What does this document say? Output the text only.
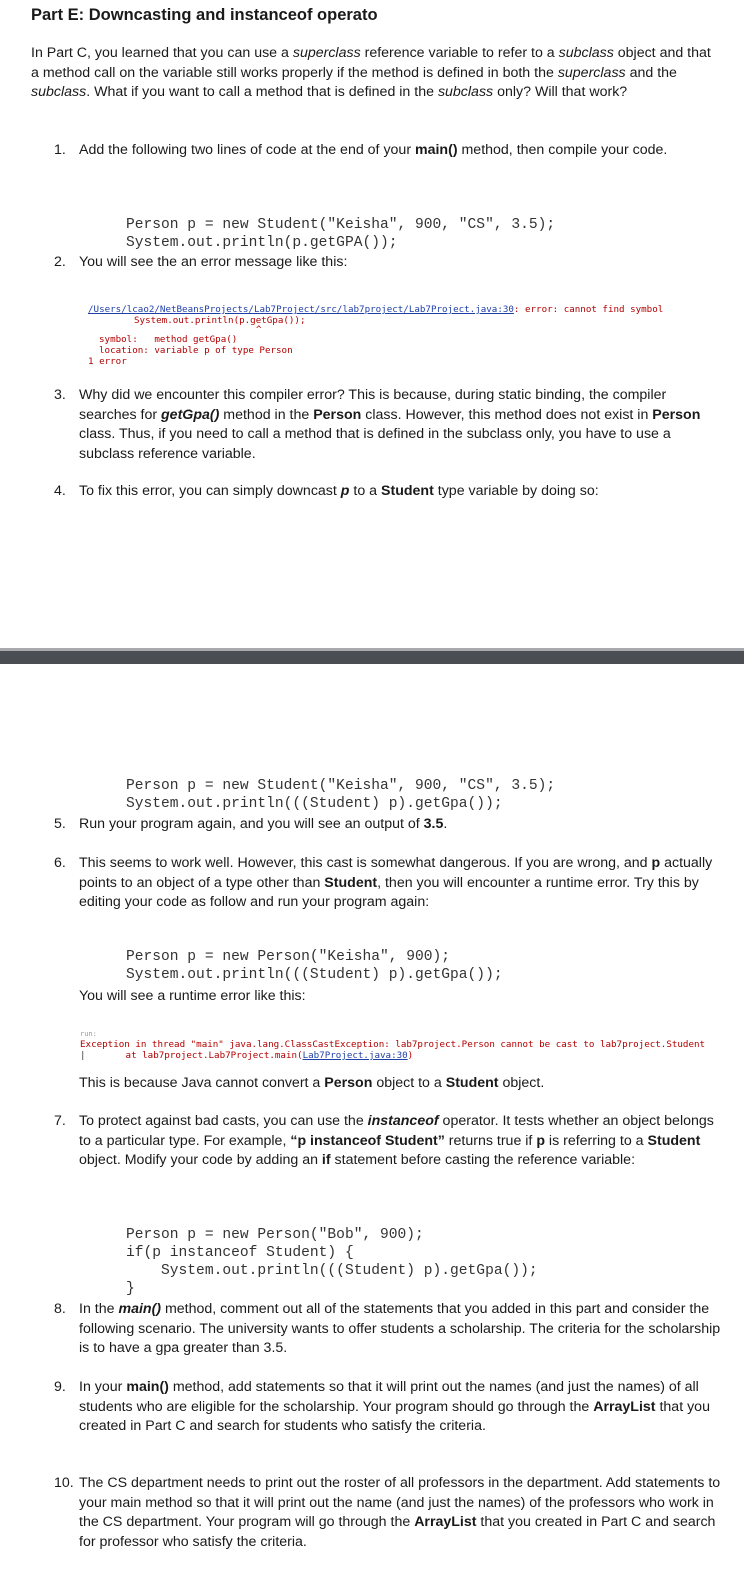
Part E: Downcasting and instanceof operato
In Part C, you learned that you can use a superclass reference variable to refer to a subclass object and that a method call on the variable still works properly if the method is defined in both the superclass and the subclass. What if you want to call a method that is defined in the subclass only? Will that work?
1. Add the following two lines of code at the end of your main() method, then compile your code.

Person p = new Student("Keisha", 900, "CS", 3.5);
System.out.println(p.getGPA());
2. You will see the an error message like this:

/Users/lcao2/NetBeansProjects/Lab7Project/src/lab7project/Lab7Project.java:30: error: cannot find symbol
System.out.println(p.getGpa());
^
symbol:   method getGpa()
location: variable p of type Person
1 error
3. Why did we encounter this compiler error? This is because, during static binding, the compiler searches for getGpa() method in the Person class. However, this method does not exist in Person class. Thus, if you need to call a method that is defined in the subclass only, you have to use a subclass reference variable.
4. To fix this error, you can simply downcast p to a Student type variable by doing so:

Person p = new Student("Keisha", 900, "CS", 3.5);
System.out.println(((Student) p).getGpa());
5. Run your program again, and you will see an output of 3.5.
6. This seems to work well. However, this cast is somewhat dangerous. If you are wrong, and p actually points to an object of a type other than Student, then you will encounter a runtime error. Try this by editing your code as follow and run your program again:

Person p = new Person("Keisha", 900);
System.out.println(((Student) p).getGpa());
You will see a runtime error like this:

run:
Exception in thread "main" java.lang.ClassCastException: lab7project.Person cannot be cast to lab7project.Student
|	at lab7project.Lab7Project.main(Lab7Project.java:30)
This is because Java cannot convert a Person object to a Student object.
7. To protect against bad casts, you can use the instanceof operator. It tests whether an object belongs to a particular type. For example, “p instanceof Student” returns true if p is referring to a Student object. Modify your code by adding an if statement before casting the reference variable:

Person p = new Person("Bob", 900);
if(p instanceof Student) {
System.out.println(((Student) p).getGpa());
}
8. In the main() method, comment out all of the statements that you added in this part and consider the following scenario. The university wants to offer students a scholarship. The criteria for the scholarship is to have a gpa greater than 3.5.
9. In your main() method, add statements so that it will print out the names (and just the names) of all students who are eligible for the scholarship. Your program should go through the ArrayList that you created in Part C and search for students who satisfy the criteria.
10. The CS department needs to print out the roster of all professors in the department. Add statements to your main method so that it will print out the name (and just the names) of the professors who work in the CS department. Your program will go through the ArrayList that you created in Part C and search for professor who satisfy the criteria.
